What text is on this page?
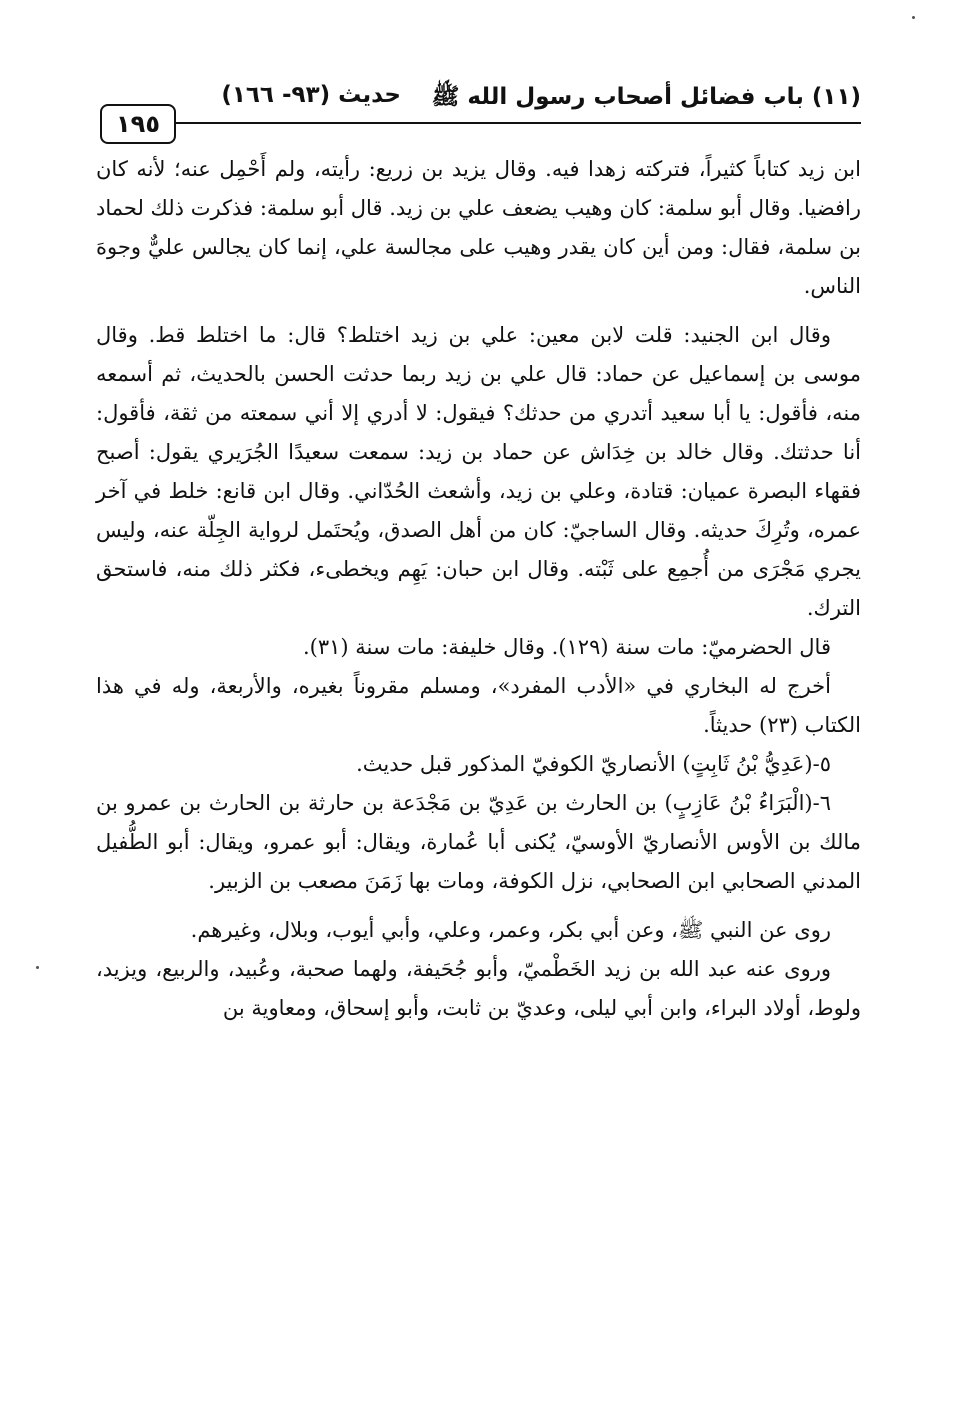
(١١) باب فضائل أصحاب رسول الله ﷺ
حديث (٩٣- ١٦٦)
١٩٥

ابن زيد كتاباً كثيراً، فتركته زهدا فيه. وقال يزيد بن زريع: رأيته، ولم أَحْمِل عنه؛ لأنه كان رافضيا. وقال أبو سلمة: كان وهيب يضعف علي بن زيد. قال أبو سلمة: فذكرت ذلك لحماد بن سلمة، فقال: ومن أين كان يقدر وهيب على مجالسة علي، إنما كان يجالس عليٌّ وجوهَ الناس.

وقال ابن الجنيد: قلت لابن معين: علي بن زيد اختلط؟ قال: ما اختلط قط. وقال موسى بن إسماعيل عن حماد: قال علي بن زيد ربما حدثت الحسن بالحديث، ثم أسمعه منه، فأقول: يا أبا سعيد أتدري من حدثك؟ فيقول: لا أدري إلا أني سمعته من ثقة، فأقول: أنا حدثتك. وقال خالد بن خِدَاش عن حماد بن زيد: سمعت سعيدًا الجُرَيري يقول: أصبح فقهاء البصرة عميان: قتادة، وعلي بن زيد، وأشعث الحُدّاني. وقال ابن قانع: خلط في آخر عمره، وتُرِكَ حديثه. وقال الساجيّ: كان من أهل الصدق، ويُحتَمل لرواية الجِلّة عنه، وليس يجري مَجْرَى من أُجمِع على ثَبْته. وقال ابن حبان: يَهِم ويخطىء، فكثر ذلك منه، فاستحق الترك.

قال الحضرميّ: مات سنة (١٢٩). وقال خليفة: مات سنة (٣١).

أخرج له البخاري في «الأدب المفرد»، ومسلم مقروناً بغيره، والأربعة، وله في هذا الكتاب (٢٣) حديثاً.

٥-(عَدِيُّ بْنُ ثَابِتٍ) الأنصاريّ الكوفيّ المذكور قبل حديث.

٦-(الْبَرَاءُ بْنُ عَازِبٍ) بن الحارث بن عَدِيّ بن مَجْدَعة بن حارثة بن الحارث بن عمرو بن مالك بن الأوس الأنصاريّ الأوسيّ، يُكنى أبا عُمارة، ويقال: أبو عمرو، ويقال: أبو الطُّفيل المدني الصحابي ابن الصحابي، نزل الكوفة، ومات بها زَمَنَ مصعب بن الزبير.

روى عن النبي ﷺ، وعن أبي بكر، وعمر، وعلي، وأبي أيوب، وبلال، وغيرهم.

وروى عنه عبد الله بن زيد الخَطْميّ، وأبو جُحَيفة، ولهما صحبة، وعُبيد، والربيع، ويزيد، ولوط، أولاد البراء، وابن أبي ليلى، وعديّ بن ثابت، وأبو إسحاق، ومعاوية بن
